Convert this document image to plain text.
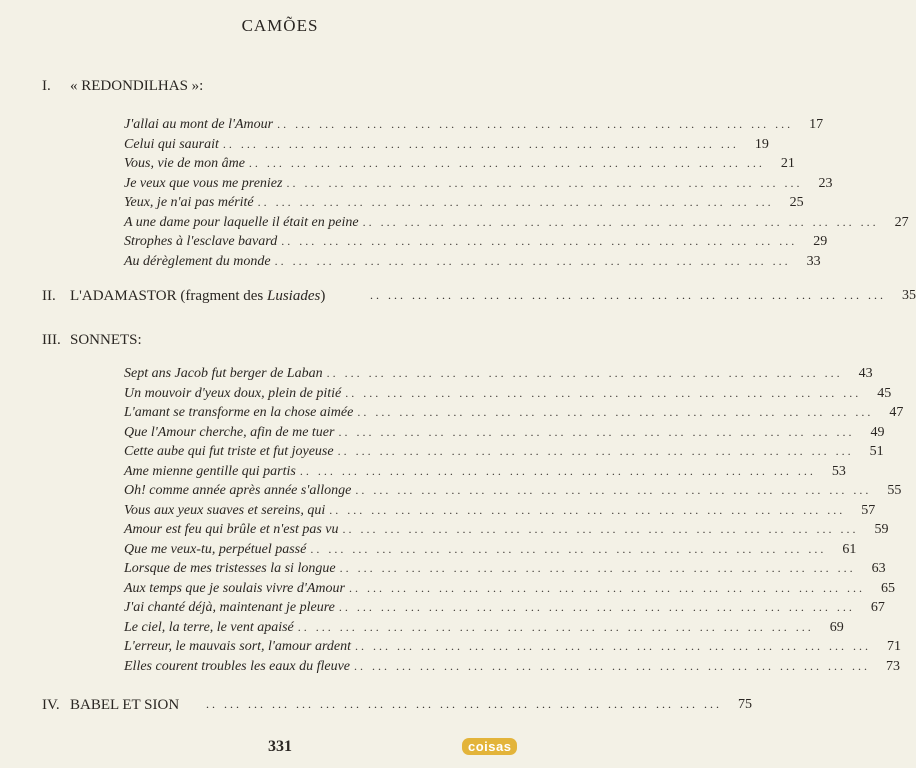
CAMÕES
I.	« REDONDILHAS »:
J'allai au mont de l'Amour .. ... ... ... ... ... ... ... ... ... ... ... ... ... ... ... ... ... ... ... ... ...	17
Celui qui saurait .. ... ... ... ... ... ... ... ... ... ... ... ... ... ... ... ... ... ... ... ... ...	19
Vous, vie de mon âme .. ... ... ... ... ... ... ... ... ... ... ... ... ... ... ... ... ... ... ... ... ...	21
Je veux que vous me preniez .. ... ... ... ... ... ... ... ... ... ... ... ... ... ... ... ... ... ... ... ... ...	23
Yeux, je n'ai pas mérité .. ... ... ... ... ... ... ... ... ... ... ... ... ... ... ... ... ... ... ... ... ...	25
A une dame pour laquelle il était en peine .. ... ... ... ... ... ... ... ... ... ... ... ... ... ... ... ... ... ... ... ... ...	27
Strophes à l'esclave bavard .. ... ... ... ... ... ... ... ... ... ... ... ... ... ... ... ... ... ... ... ... ...	29
Au dérèglement du monde .. ... ... ... ... ... ... ... ... ... ... ... ... ... ... ... ... ... ... ... ... ...	33
II. L'ADAMASTOR (fragment des Lusiades)	.. ... ... ... ... ... ... ... ... ... ... ... ... ... ... ... ... ... ... ... ... ...	35
III. SONNETS:
Sept ans Jacob fut berger de Laban .. ... ... ... ... ... ... ... ... ... ... ... ... ... ... ... ... ... ... ... ... ...	43
Un mouvoir d'yeux doux, plein de pitié .. ... ... ... ... ... ... ... ... ... ... ... ... ... ... ... ... ... ... ... ... ...	45
L'amant se transforme en la chose aimée .. ... ... ... ... ... ... ... ... ... ... ... ... ... ... ... ... ... ... ... ... ...	47
Que l'Amour cherche, afin de me tuer .. ... ... ... ... ... ... ... ... ... ... ... ... ... ... ... ... ... ... ... ... ...	49
Cette aube qui fut triste et fut joyeuse .. ... ... ... ... ... ... ... ... ... ... ... ... ... ... ... ... ... ... ... ... ...	51
Ame mienne gentille qui partis .. ... ... ... ... ... ... ... ... ... ... ... ... ... ... ... ... ... ... ... ... ...	53
Oh! comme année après année s'allonge .. ... ... ... ... ... ... ... ... ... ... ... ... ... ... ... ... ... ... ... ... ...	55
Vous aux yeux suaves et sereins, qui .. ... ... ... ... ... ... ... ... ... ... ... ... ... ... ... ... ... ... ... ... ...	57
Amour est feu qui brûle et n'est pas vu .. ... ... ... ... ... ... ... ... ... ... ... ... ... ... ... ... ... ... ... ... ...	59
Que me veux-tu, perpétuel passé .. ... ... ... ... ... ... ... ... ... ... ... ... ... ... ... ... ... ... ... ... ...	61
Lorsque de mes tristesses la si longue .. ... ... ... ... ... ... ... ... ... ... ... ... ... ... ... ... ... ... ... ... ...	63
Aux temps que je soulais vivre d'Amour .. ... ... ... ... ... ... ... ... ... ... ... ... ... ... ... ... ... ... ... ... ...	65
J'ai chanté déjà, maintenant je pleure .. ... ... ... ... ... ... ... ... ... ... ... ... ... ... ... ... ... ... ... ... ...	67
Le ciel, la terre, le vent apaisé .. ... ... ... ... ... ... ... ... ... ... ... ... ... ... ... ... ... ... ... ... ...	69
L'erreur, le mauvais sort, l'amour ardent .. ... ... ... ... ... ... ... ... ... ... ... ... ... ... ... ... ... ... ... ... ...	71
Elles courent troubles les eaux du fleuve .. ... ... ... ... ... ... ... ... ... ... ... ... ... ... ... ... ... ... ... ... ...	73
IV. BABEL ET SION .. ... ... ... ... ... ... ... ... ... ... ... ... ... ... ... ... ... ... ... ... ...	75
331	coisas
